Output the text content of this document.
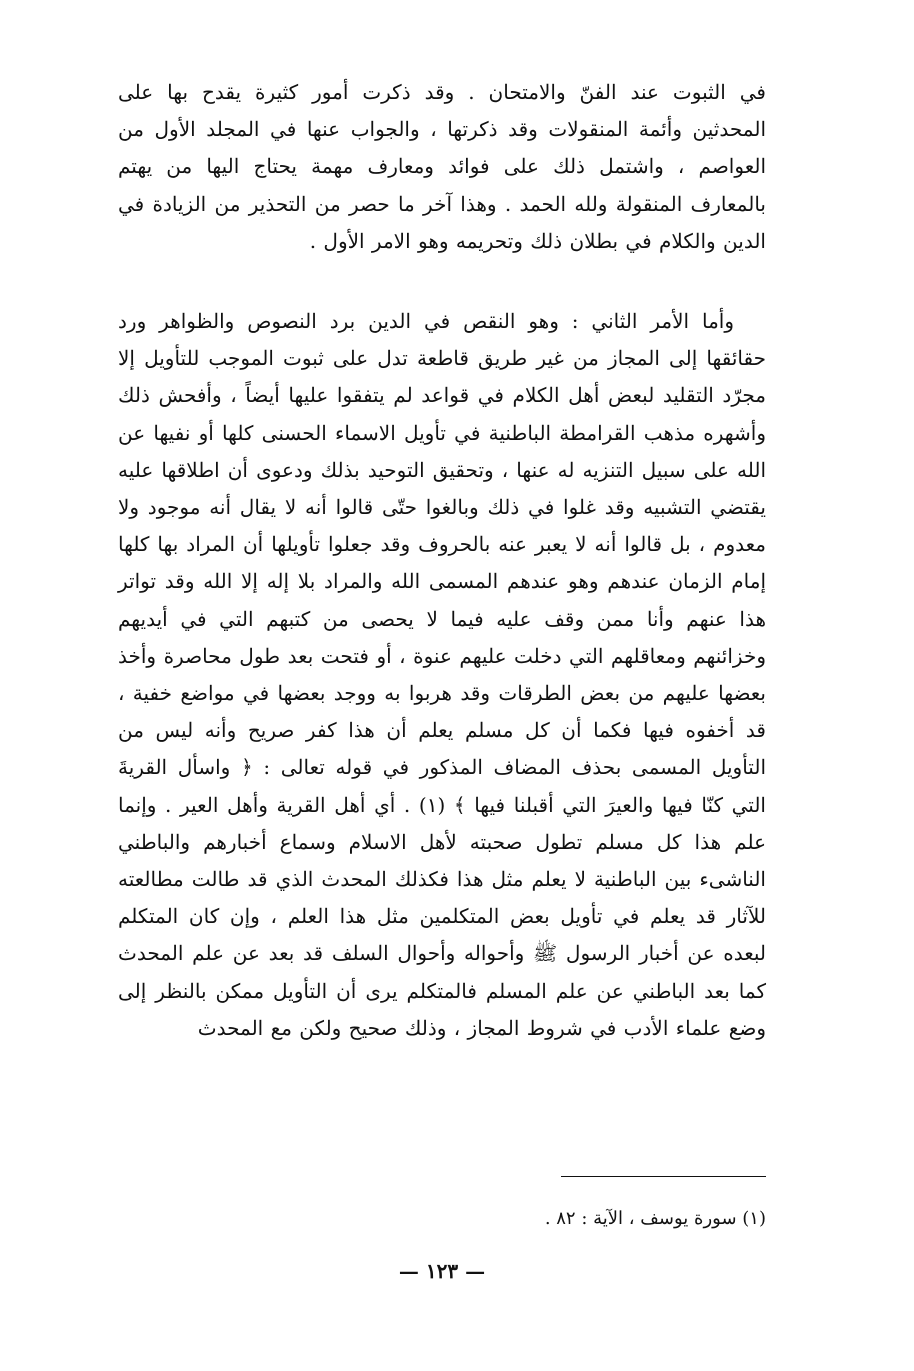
في الثبوت عند الفنّ والامتحان . وقد ذكرت أمور كثيرة يقدح بها على المحدثين وأئمة المنقولات وقد ذكرتها ، والجواب عنها في المجلد الأول من العواصم ، واشتمل ذلك على فوائد ومعارف مهمة يحتاج اليها من يهتم بالمعارف المنقولة ولله الحمد . وهذا آخر ما حصر من التحذير من الزيادة في الدين والكلام في بطلان ذلك وتحريمه وهو الامر الأول .

وأما الأمر الثاني : وهو النقص في الدين برد النصوص والظواهر ورد حقائقها إلى المجاز من غير طريق قاطعة تدل على ثبوت الموجب للتأويل إلا مجرّد التقليد لبعض أهل الكلام في قواعد لم يتفقوا عليها أيضاً ، وأفحش ذلك وأشهره مذهب القرامطة الباطنية في تأويل الاسماء الحسنى كلها أو نفيها عن الله على سبيل التنزيه له عنها ، وتحقيق التوحيد بذلك ودعوى أن اطلاقها عليه يقتضي التشبيه وقد غلوا في ذلك وبالغوا حتّى قالوا أنه لا يقال أنه موجود ولا معدوم ، بل قالوا أنه لا يعبر عنه بالحروف وقد جعلوا تأويلها أن المراد بها كلها إمام الزمان عندهم وهو عندهم المسمى الله والمراد بلا إله إلا الله وقد تواتر هذا عنهم وأنا ممن وقف عليه فيما لا يحصى من كتبهم التي في أيديهم وخزائنهم ومعاقلهم التي دخلت عليهم عنوة ، أو فتحت بعد طول محاصرة وأخذ بعضها عليهم من بعض الطرقات وقد هربوا به ووجد بعضها في مواضع خفية ، قد أخفوه فيها فكما أن كل مسلم يعلم أن هذا كفر صريح وأنه ليس من التأويل المسمى بحذف المضاف المذكور في قوله تعالى : ﴿ واسأل القريةَ التي كنّا فيها والعيرَ التي أقبلنا فيها ﴾ (١) . أي أهل القرية وأهل العير . وإنما علم هذا كل مسلم تطول صحبته لأهل الاسلام وسماع أخبارهم والباطني الناشىء بين الباطنية لا يعلم مثل هذا فكذلك المحدث الذي قد طالت مطالعته للآثار قد يعلم في تأويل بعض المتكلمين مثل هذا العلم ، وإن كان المتكلم لبعده عن أخبار الرسول ﷺ وأحواله وأحوال السلف قد بعد عن علم المحدث كما بعد الباطني عن علم المسلم فالمتكلم يرى أن التأويل ممكن بالنظر إلى وضع علماء الأدب في شروط المجاز ، وذلك صحيح ولكن مع المحدث

(١) سورة يوسف ، الآية : ٨٢ .

— ١٢٣ —
